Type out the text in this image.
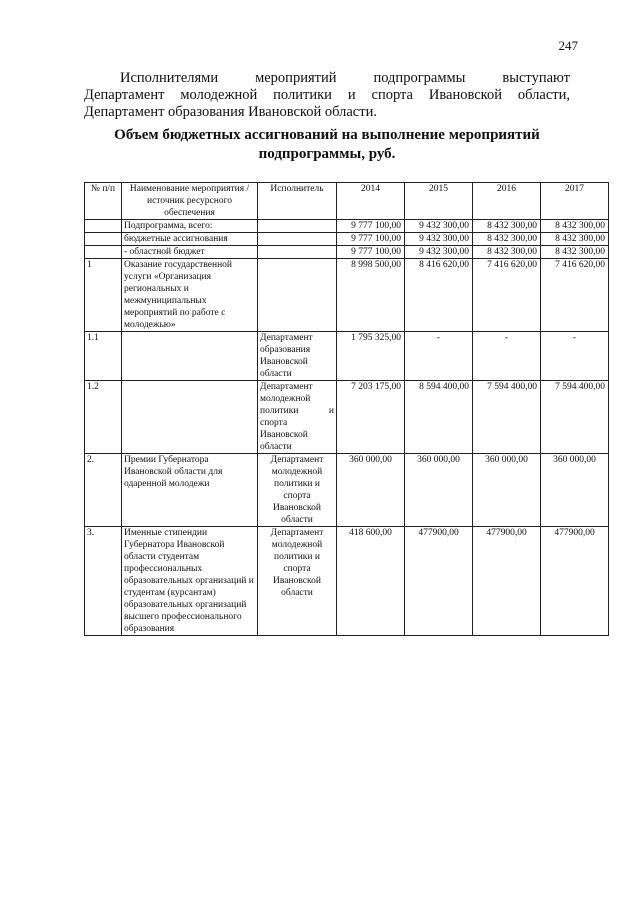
247

Исполнителями мероприятий подпрограммы выступают

Департамент молодежной политики и спорта Ивановской области,

Департамент образования Ивановской области.

Объем бюджетных ассигнований на выполнение мероприятий
подпрограммы, руб.
№ п/п	Наименование мероприятия / источник ресурсного обеспечения	Исполнитель	2014	2015	2016	2017
	Подпрограмма, всего:		9 777 100,00	9 432 300,00	8 432 300,00	8 432 300,00
	бюджетные ассигнования		9 777 100,00	9 432 300,00	8 432 300,00	8 432 300,00
	- областной бюджет		9 777 100,00	9 432 300,00	8 432 300,00	8 432 300,00
1	Оказание государственной услуги «Организация региональных и межмуниципальных мероприятий по работе с молодежью»		8 998 500,00	8 416 620,00	7 416 620,00	7 416 620,00
1.1		Департамент образования Ивановской области	1 795 325,00	-	-	-
1.2		Департамент молодежной политики и спорта Ивановской области	7 203 175,00	8 594 400,00	7 594 400,00	7 594 400,00
2.	Премии Губернатора Ивановской области для одаренной молодежи	Департамент молодежной политики и спорта Ивановской области	360 000,00	360 000,00	360 000,00	360 000,00
3.	Именные стипендии Губернатора Ивановской области студентам профессиональных образовательных организаций и студентам (курсантам) образовательных организаций высшего профессионального образования	Департамент молодежной политики и спорта Ивановской области	418 600,00	477900,00	477900,00	477900,00
